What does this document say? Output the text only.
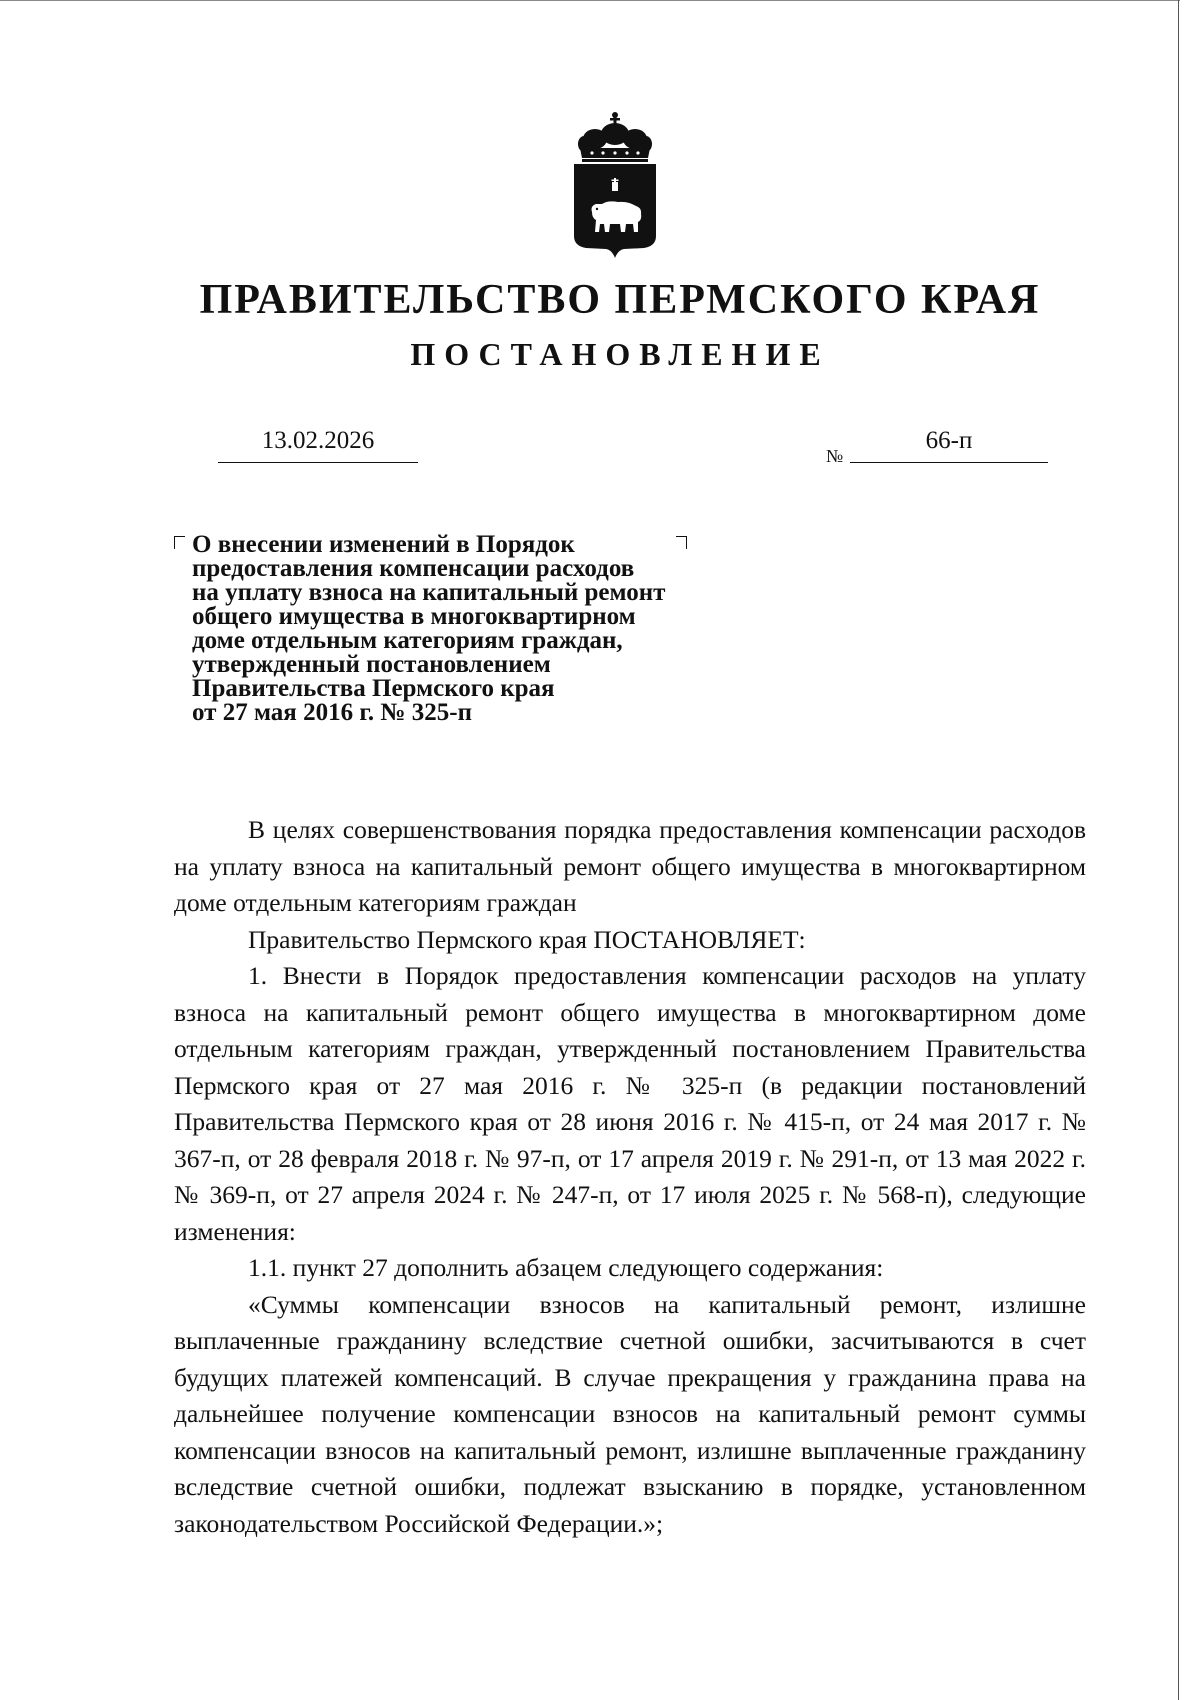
ПРАВИТЕЛЬСТВО ПЕРМСКОГО КРАЯ
ПОСТАНОВЛЕНИЕ
13.02.2026
№
66-п
О внесении изменений в Порядок
предоставления компенсации расходов
на уплату взноса на капитальный ремонт
общего имущества в многоквартирном
доме отдельным категориям граждан,
утвержденный постановлением
Правительства Пермского края
от 27 мая 2016 г. № 325-п

В целях совершенствования порядка предоставления компенсации расходов на уплату взноса на капитальный ремонт общего имущества в многоквартирном доме отдельным категориям граждан

Правительство Пермского края ПОСТАНОВЛЯЕТ:

1. Внести в Порядок предоставления компенсации расходов на уплату взноса на капитальный ремонт общего имущества в многоквартирном доме отдельным категориям граждан, утвержденный постановлением Правительства Пермского края от 27 мая 2016 г. № 325-п (в редакции постановлений Правительства Пермского края от 28 июня 2016 г. № 415-п, от 24 мая 2017 г. № 367-п, от 28 февраля 2018 г. № 97-п, от 17 апреля 2019 г. № 291-п, от 13 мая 2022 г. № 369-п, от 27 апреля 2024 г. № 247-п, от 17 июля 2025 г. № 568-п), следующие изменения:

1.1. пункт 27 дополнить абзацем следующего содержания:

«Суммы компенсации взносов на капитальный ремонт, излишне выплаченные гражданину вследствие счетной ошибки, засчитываются в счет будущих платежей компенсаций. В случае прекращения у гражданина права на дальнейшее получение компенсации взносов на капитальный ремонт суммы компенсации взносов на капитальный ремонт, излишне выплаченные гражданину вследствие счетной ошибки, подлежат взысканию в порядке, установленном законодательством Российской Федерации.»;
